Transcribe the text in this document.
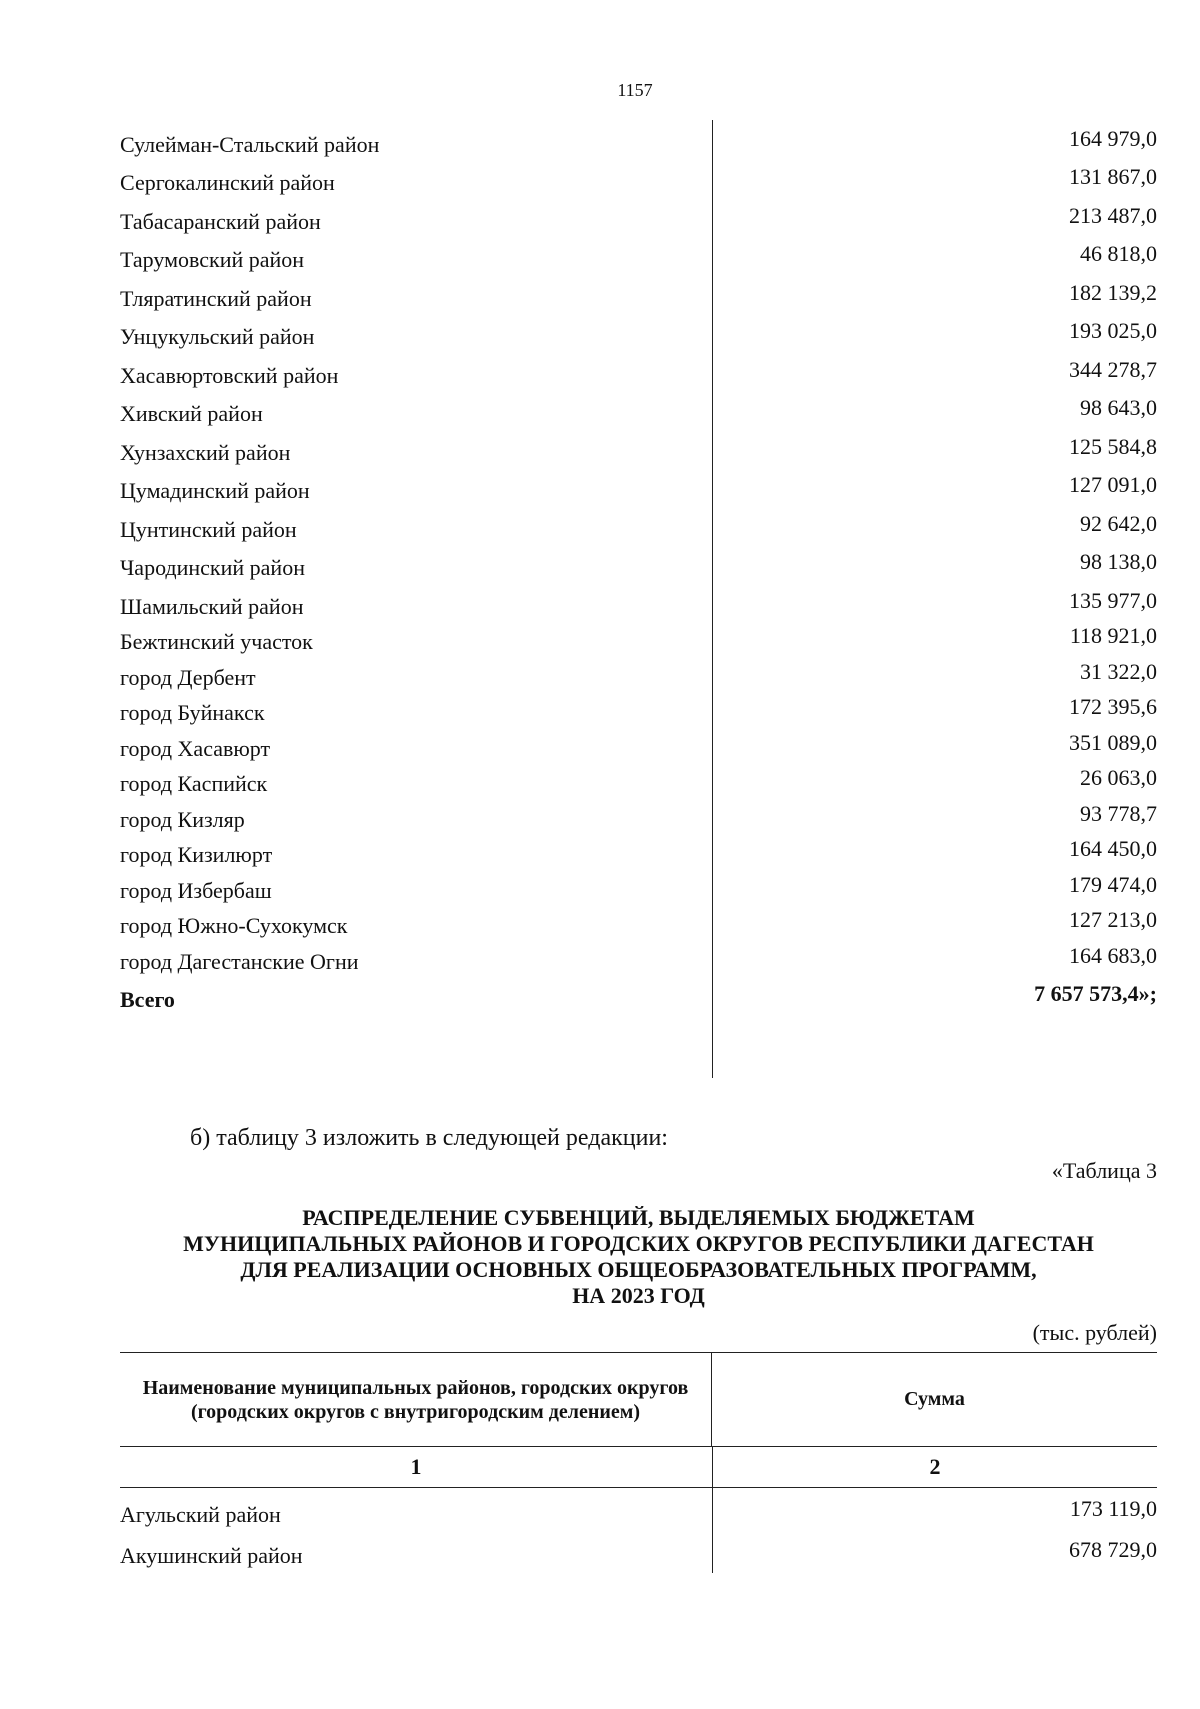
1157
Сулейман-Стальский район	164 979,0
Сергокалинский район	131 867,0
Табасаранский район	213 487,0
Тарумовский район	46 818,0
Тляратинский район	182 139,2
Унцукульский район	193 025,0
Хасавюртовский район	344 278,7
Хивский район	98 643,0
Хунзахский район	125 584,8
Цумадинский район	127 091,0
Цунтинский район	92 642,0
Чародинский район	98 138,0
Шамильский район	135 977,0
Бежтинский участок	118 921,0
город Дербент	31 322,0
город Буйнакск	172 395,6
город Хасавюрт	351 089,0
город Каспийск	26 063,0
город Кизляр	93 778,7
город Кизилюрт	164 450,0
город Избербаш	179 474,0
город Южно-Сухокумск	127 213,0
город Дагестанские Огни	164 683,0
Всего	7 657 573,4»;
б) таблицу 3 изложить в следующей редакции:
«Таблица 3
РАСПРЕДЕЛЕНИЕ СУБВЕНЦИЙ, ВЫДЕЛЯЕМЫХ БЮДЖЕТАМ
МУНИЦИПАЛЬНЫХ РАЙОНОВ И ГОРОДСКИХ ОКРУГОВ РЕСПУБЛИКИ ДАГЕСТАН
ДЛЯ РЕАЛИЗАЦИИ ОСНОВНЫХ ОБЩЕОБРАЗОВАТЕЛЬНЫХ ПРОГРАММ,
НА 2023 ГОД
(тыс. рублей)
Наименование муниципальных районов, городских округов (городских округов с внутригородским делением)
Сумма
1	2
Агульский район	173 119,0
Акушинский район	678 729,0
